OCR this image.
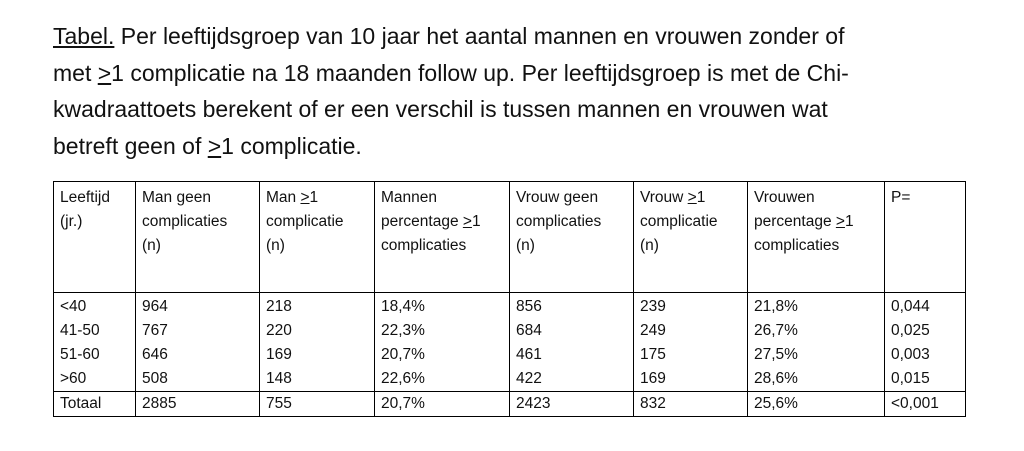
Tabel. Per leeftijdsgroep van 10 jaar het aantal mannen en vrouwen zonder of
met >1 complicatie na 18 maanden follow up. Per leeftijdsgroep is met de Chi-
kwadraattoets berekent of er een verschil is tussen mannen en vrouwen wat
betreft geen of >1 complicatie.

Leeftijd
(jr.)	Man geen
complicaties
(n)	Man ≥1
complicatie
(n)	Mannen
percentage ≥1
complicaties	Vrouw geen
complicaties
(n)	Vrouw ≥1
complicatie
(n)	Vrouwen
percentage ≥1
complicaties	P=
<40	964	218	18,4%	856	239	21,8%	0,044
41-50	767	220	22,3%	684	249	26,7%	0,025
51-60	646	169	20,7%	461	175	27,5%	0,003
>60	508	148	22,6%	422	169	28,6%	0,015
Totaal	2885	755	20,7%	2423	832	25,6%	<0,001
